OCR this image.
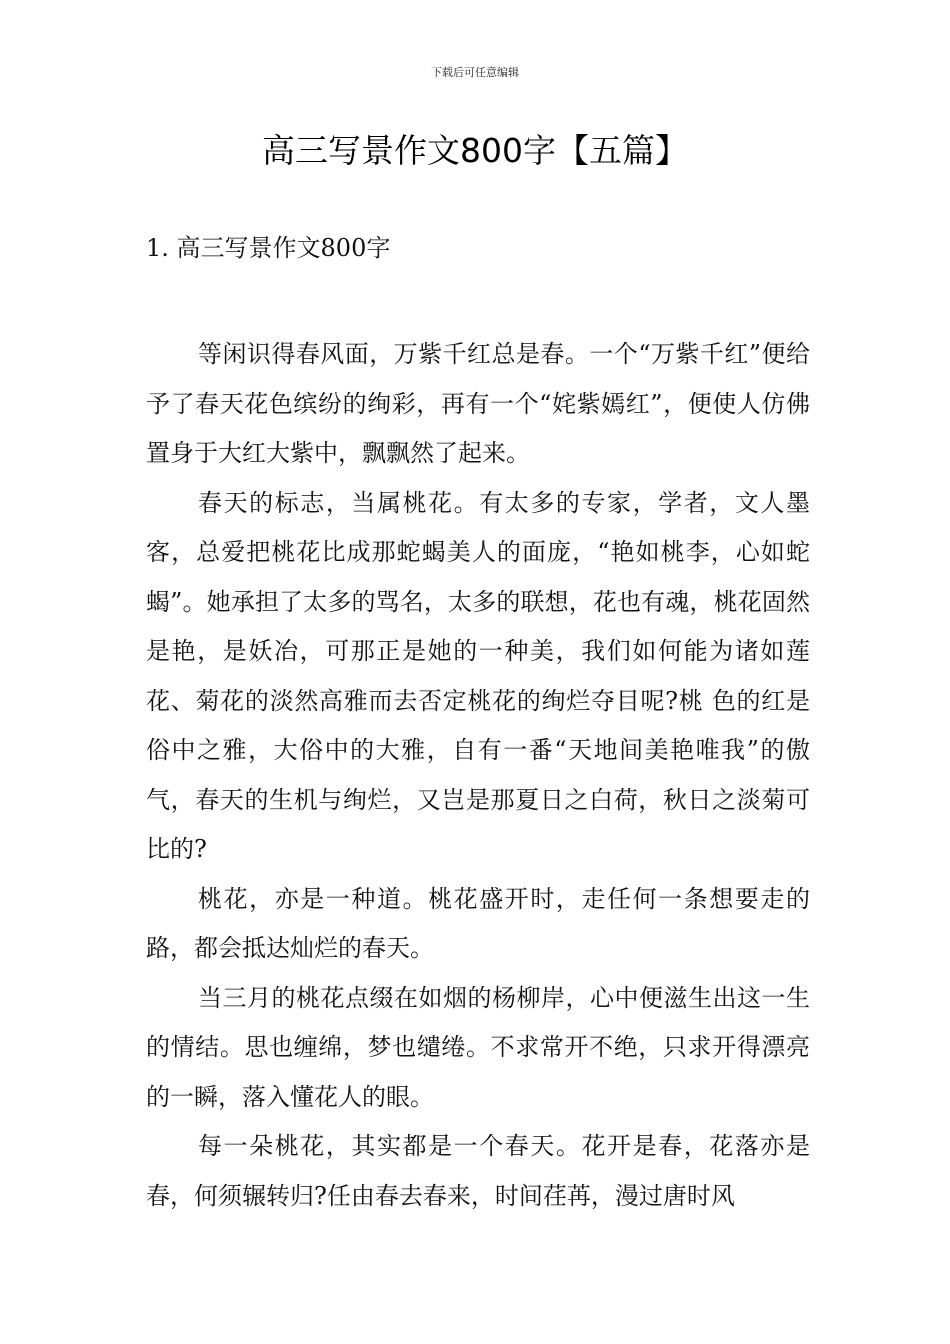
下载后可任意编辑
高三写景作文800字【五篇】
1. 高三写景作文800字

等闲识得春风面，万紫千红总是春。一个“万紫千红”便给予了春天花色缤纷的绚彩，再有一个“姹紫嫣红”，便使人仿佛置身于大红大紫中，飘飘然了起来。

春天的标志，当属桃花。有太多的专家，学者，文人墨客，总爱把桃花比成那蛇蝎美人的面庞，“艳如桃李，心如蛇蝎”。她承担了太多的骂名，太多的联想，花也有魂，桃花固然是艳，是妖冶，可那正是她的一种美，我们如何能为诸如莲花、菊花的淡然高雅而去否定桃花的绚烂夺目呢?桃 色的红是俗中之雅，大俗中的大雅，自有一番“天地间美艳唯我”的傲气，春天的生机与绚烂，又岂是那夏日之白荷，秋日之淡菊可比的?

桃花，亦是一种道。桃花盛开时，走任何一条想要走的路，都会抵达灿烂的春天。

当三月的桃花点缀在如烟的杨柳岸，心中便滋生出这一生的情结。思也缠绵，梦也缱绻。不求常开不绝，只求开得漂亮的一瞬，落入懂花人的眼。

每一朵桃花，其实都是一个春天。花开是春，花落亦是春，何须辗转归?任由春去春来，时间荏苒，漫过唐时风
